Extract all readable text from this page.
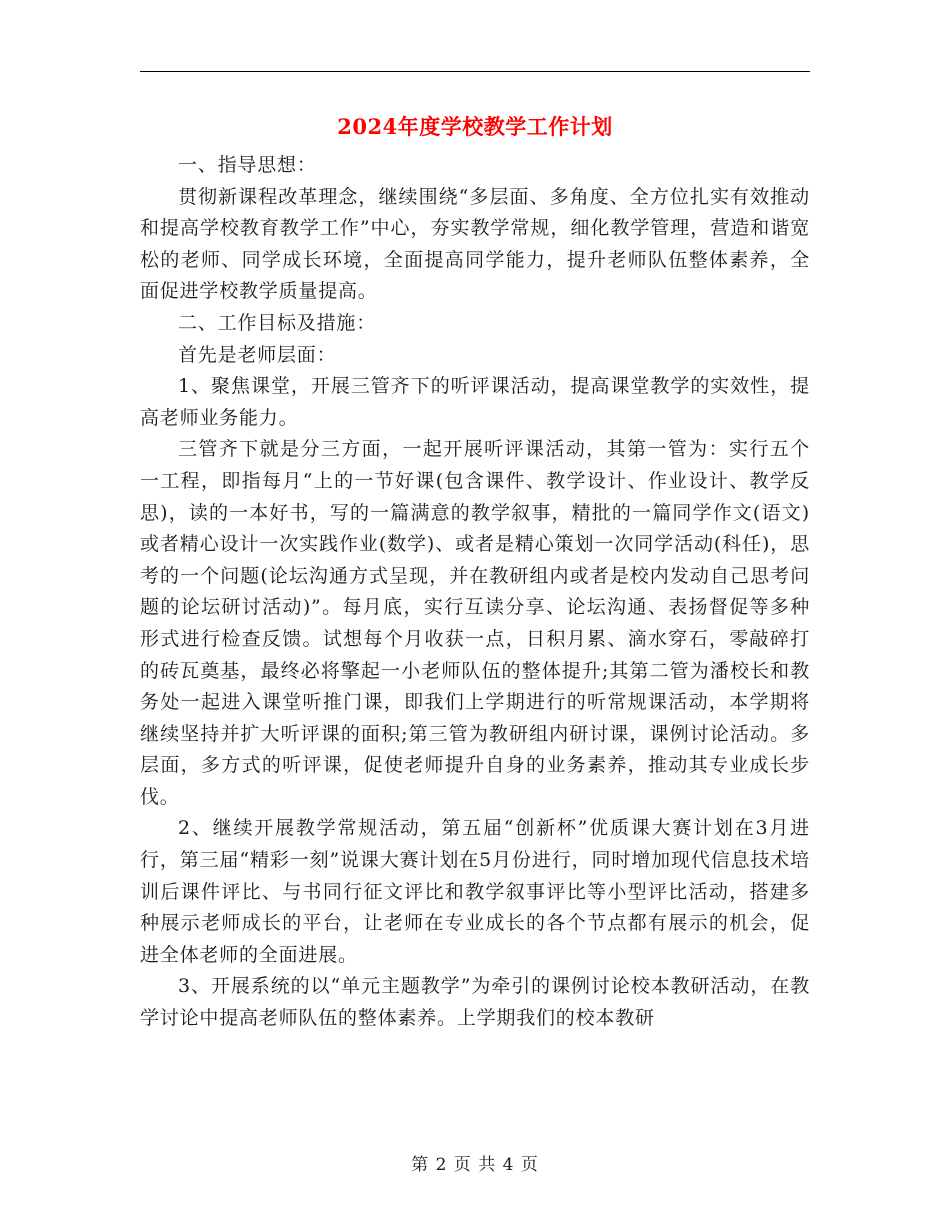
2024年度学校教学工作计划

一、指导思想：

贯彻新课程改革理念，继续围绕“多层面、多角度、全方位扎实有效推动和提高学校教育教学工作”中心，夯实教学常规，细化教学管理，营造和谐宽松的老师、同学成长环境，全面提高同学能力，提升老师队伍整体素养，全面促进学校教学质量提高。

二、工作目标及措施：

首先是老师层面：

1、聚焦课堂，开展三管齐下的听评课活动，提高课堂教学的实效性，提高老师业务能力。

三管齐下就是分三方面，一起开展听评课活动，其第一管为：实行五个一工程，即指每月“上的一节好课(包含课件、教学设计、作业设计、教学反思)，读的一本好书，写的一篇满意的教学叙事，精批的一篇同学作文(语文)或者精心设计一次实践作业(数学)、或者是精心策划一次同学活动(科任)，思考的一个问题(论坛沟通方式呈现，并在教研组内或者是校内发动自己思考问题的论坛研讨活动)”。每月底，实行互读分享、论坛沟通、表扬督促等多种形式进行检查反馈。试想每个月收获一点，日积月累、滴水穿石，零敲碎打的砖瓦奠基，最终必将擎起一小老师队伍的整体提升;其第二管为潘校长和教务处一起进入课堂听推门课，即我们上学期进行的听常规课活动，本学期将继续坚持并扩大听评课的面积;第三管为教研组内研讨课，课例讨论活动。多层面，多方式的听评课，促使老师提升自身的业务素养，推动其专业成长步伐。

2、继续开展教学常规活动，第五届“创新杯”优质课大赛计划在3月进行，第三届“精彩一刻”说课大赛计划在5月份进行，同时增加现代信息技术培训后课件评比、与书同行征文评比和教学叙事评比等小型评比活动，搭建多种展示老师成长的平台，让老师在专业成长的各个节点都有展示的机会，促进全体老师的全面进展。

3、开展系统的以“单元主题教学”为牵引的课例讨论校本教研活动，在教学讨论中提高老师队伍的整体素养。上学期我们的校本教研

第 2 页 共 4 页
